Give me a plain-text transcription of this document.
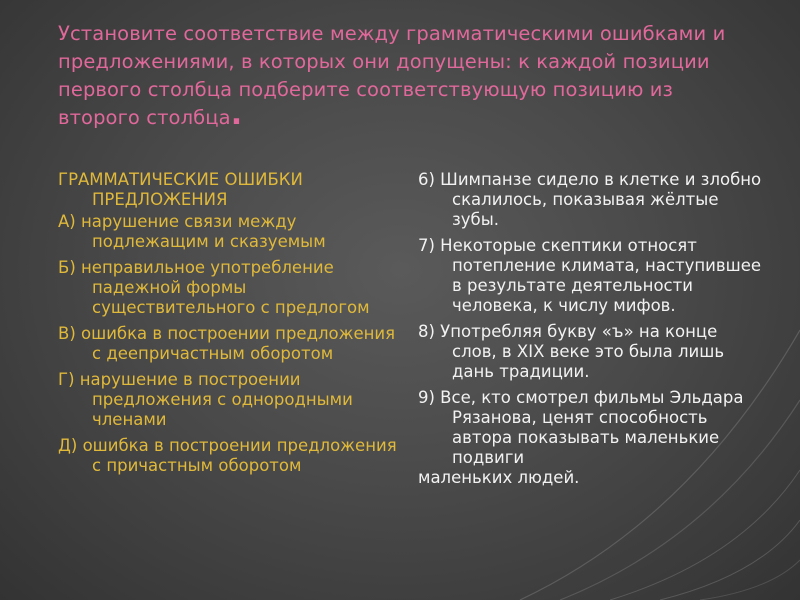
Установите соответствие между грамматическими ошибками и предложениями, в которых они допущены: к каждой позиции первого столбца подберите соответствующую позицию из второго столбца.

ГРАММАТИЧЕСКИЕ ОШИБКИ ПРЕДЛОЖЕНИЯ

А) нарушение связи между подлежащим и сказуемым

Б) неправильное употребление падежной формы существительного с предлогом

В) ошибка в построении предложения с деепричастным оборотом

Г) нарушение в построении предложения с однородными членами

Д) ошибка в построении предложения с причастным оборотом

6) Шимпанзе сидело в клетке и злобно скалилось, показывая жёлтые зубы.

7) Некоторые скептики относят потепление климата, наступившее в результате деятельности человека, к числу мифов.

8) Употребляя букву «ъ» на конце слов, в XIX веке это была лишь дань традиции.

9) Все, кто смотрел фильмы Эльдара Рязанова, ценят способность автора показывать маленькие подвиги

маленьких людей.
